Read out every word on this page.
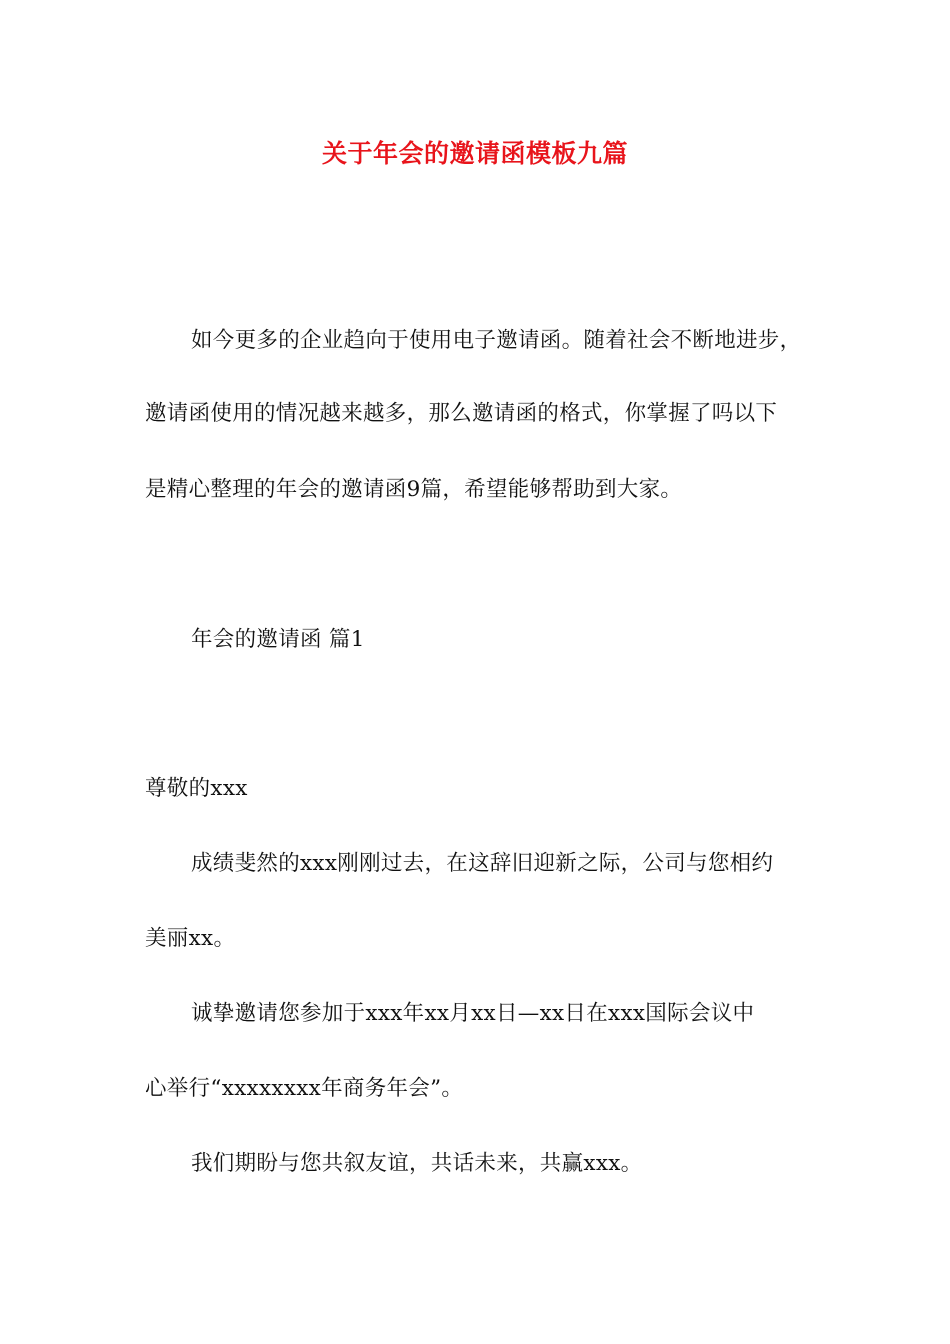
关于年会的邀请函模板九篇
如今更多的企业趋向于使用电子邀请函。随着社会不断地进步，
邀请函使用的情况越来越多，那么邀请函的格式，你掌握了吗以下
是精心整理的年会的邀请函9篇，希望能够帮助到大家。
年会的邀请函 篇1
尊敬的xxx
成绩斐然的xxx刚刚过去，在这辞旧迎新之际，公司与您相约
美丽xx。
诚挚邀请您参加于xxx年xx月xx日—xx日在xxx国际会议中
心举行“xxxxxxxx年商务年会”。
我们期盼与您共叙友谊，共话未来，共赢xxx。
